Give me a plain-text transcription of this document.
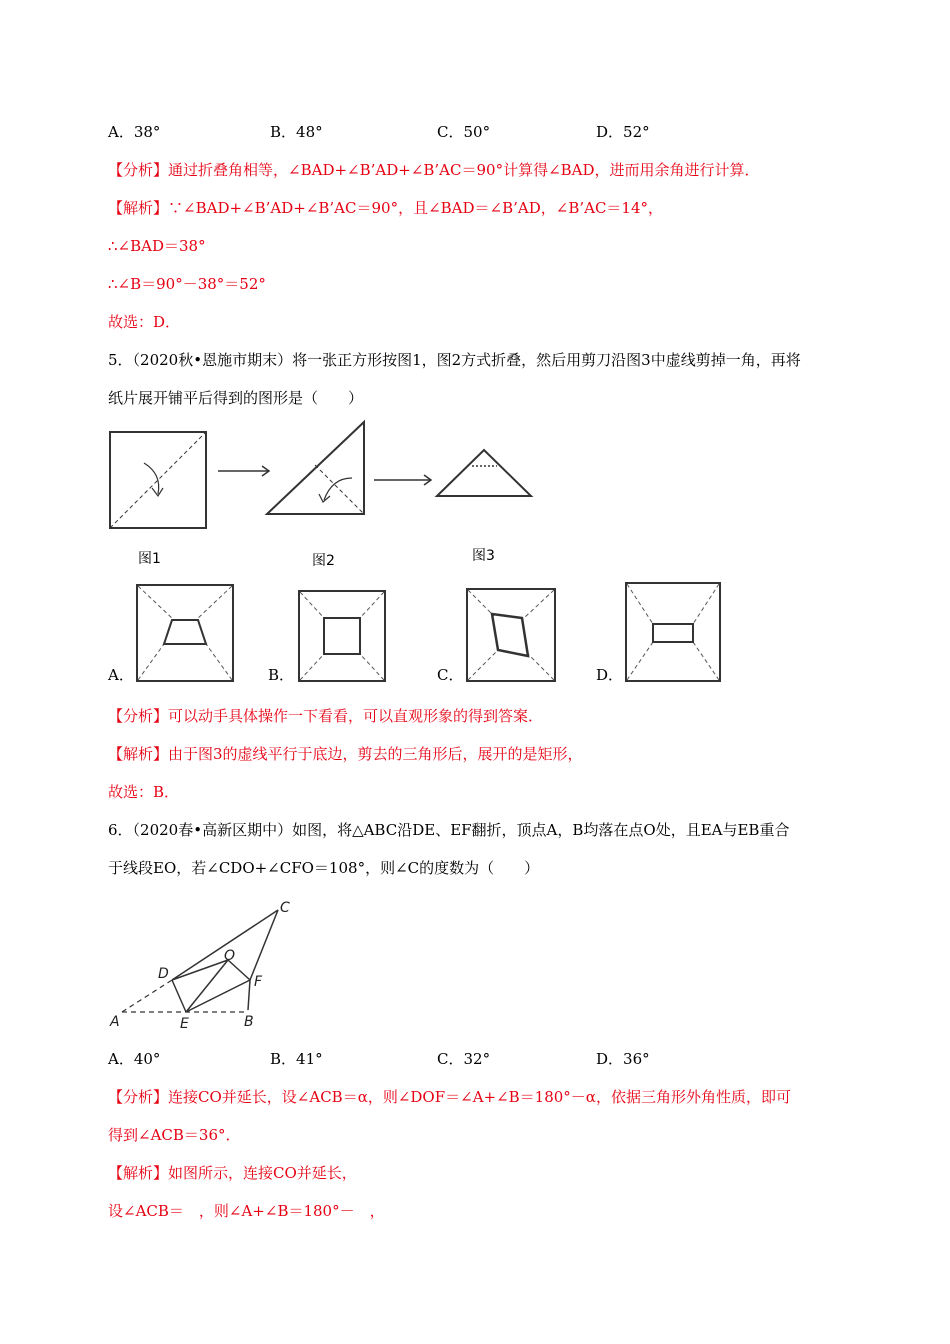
A．38°	B．48°	C．50°	D．52°
【分析】通过折叠角相等，∠BAD+∠B’AD+∠B’AC＝90°计算得∠BAD，进而用余角进行计算．
【解析】∵∠BAD+∠B’AD+∠B’AC＝90°，且∠BAD＝∠B’AD，∠B’AC＝14°，
∴∠BAD＝38°
∴∠B＝90°－38°＝52°
故选：D．
5．（2020秋•恩施市期末）将一张正方形按图1，图2方式折叠，然后用剪刀沿图3中虚线剪掉一角，再将
纸片展开铺平后得到的图形是（　　）
图1	图2	图3
A．	B．	C．	D．
【分析】可以动手具体操作一下看看，可以直观形象的得到答案．
【解析】由于图3的虚线平行于底边，剪去的三角形后，展开的是矩形，
故选：B．
6．（2020春•高新区期中）如图，将△ABC沿DE、EF翻折，顶点A，B均落在点O处，且EA与EB重合
于线段EO，若∠CDO+∠CFO＝108°，则∠C的度数为（　　）
C
O
D	F
A	E	B
A．40°	B．41°	C．32°	D．36°
【分析】连接CO并延长，设∠ACB＝α，则∠DOF＝∠A+∠B＝180°－α，依据三角形外角性质，即可
得到∠ACB＝36°．
【解析】如图所示，连接CO并延长，
设∠ACB＝　，则∠A+∠B＝180°－　，
